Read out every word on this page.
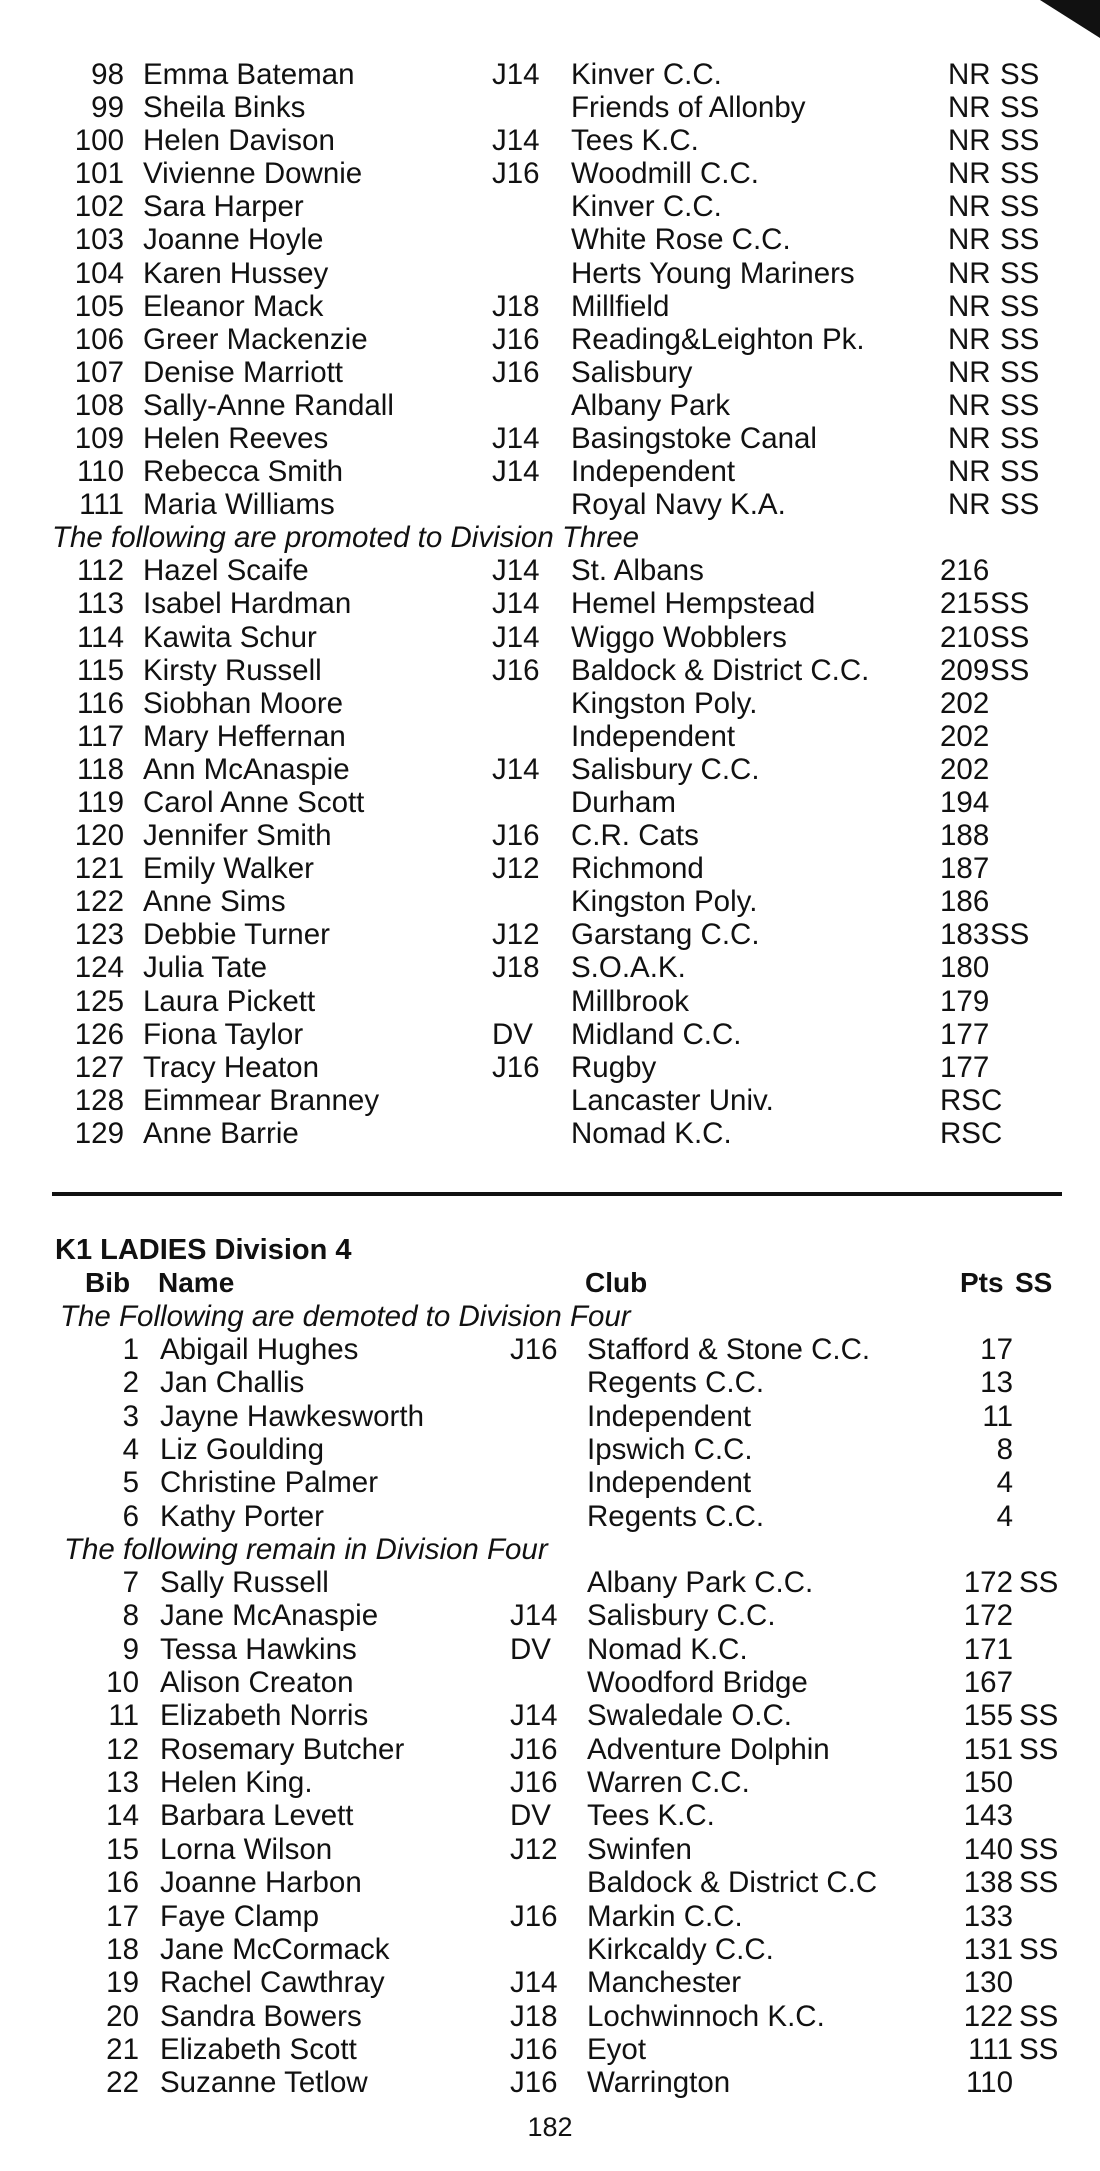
98 Emma Bateman	J14 Kinver C.C.	NR SS
99 Sheila Binks	Friends of Allonby	NR SS
100 Helen Davison	J14 Tees K.C.	NR SS
101 Vivienne Downie	J16 Woodmill C.C.	NR SS
102 Sara Harper	Kinver C.C.	NR SS
103 Joanne Hoyle	White Rose C.C.	NR SS
104 Karen Hussey	Herts Young Mariners	NR SS
105 Eleanor Mack	J18 Millfield	NR SS
106 Greer Mackenzie	J16 Reading&Leighton Pk.	NR SS
107 Denise Marriott	J16 Salisbury	NR SS
108 Sally-Anne Randall	Albany Park	NR SS
109 Helen Reeves	J14 Basingstoke Canal	NR SS
110 Rebecca Smith	J14 Independent	NR SS
111 Maria Williams	Royal Navy K.A.	NR SS
The following are promoted to Division Three
112 Hazel Scaife	J14 St. Albans	216
113 Isabel Hardman	J14 Hemel Hempstead	215 SS
114 Kawita Schur	J14 Wiggo Wobblers	210 SS
115 Kirsty Russell	J16 Baldock & District C.C. 209 SS
116 Siobhan Moore	Kingston Poly.	202
117 Mary Heffernan	Independent	202
118 Ann McAnaspie	J14 Salisbury C.C.	202
119 Carol Anne Scott	Durham	194
120 Jennifer Smith	J16 C.R. Cats	188
121 Emily Walker	J12 Richmond	187
122 Anne Sims	Kingston Poly.	186
123 Debbie Turner	J12 Garstang C.C.	183 SS
124 Julia Tate	J18 S.O.A.K.	180
125 Laura Pickett	Millbrook	179
126 Fiona Taylor	DV Midland C.C.	177
127 Tracy Heaton	J16 Rugby	177
128 Eimmear Branney	Lancaster Univ.	RSC
129 Anne Barrie	Nomad K.C.	RSC
K1 LADIES Division 4
Bib Name	Club	Pts SS
The Following are demoted to Division Four
1 Abigail Hughes	J16 Stafford & Stone C.C.	17
2 Jan Challis	Regents C.C.	13
3 Jayne Hawkesworth	Independent	11
4 Liz Goulding	Ipswich C.C.	8
5 Christine Palmer	Independent	4
6 Kathy Porter	Regents C.C.	4
The following remain in Division Four
7 Sally Russell	Albany Park C.C.	172 SS
8 Jane McAnaspie	J14 Salisbury C.C.	172
9 Tessa Hawkins	DV Nomad K.C.	171
10 Alison Creaton	Woodford Bridge	167
11 Elizabeth Norris	J14 Swaledale O.C.	155 SS
12 Rosemary Butcher	J16 Adventure Dolphin	151 SS
13 Helen King.	J16 Warren C.C.	150
14 Barbara Levett	DV Tees K.C.	143
15 Lorna Wilson	J12 Swinfen	140 SS
16 Joanne Harbon	Baldock & District C.C	138 SS
17 Faye Clamp	J16 Markin C.C.	133
18 Jane McCormack	Kirkcaldy C.C.	131 SS
19 Rachel Cawthray	J14 Manchester	130
20 Sandra Bowers	J18 Lochwinnoch K.C.	122 SS
21 Elizabeth Scott	J16 Eyot	111 SS
22 Suzanne Tetlow	J16 Warrington	110
182
